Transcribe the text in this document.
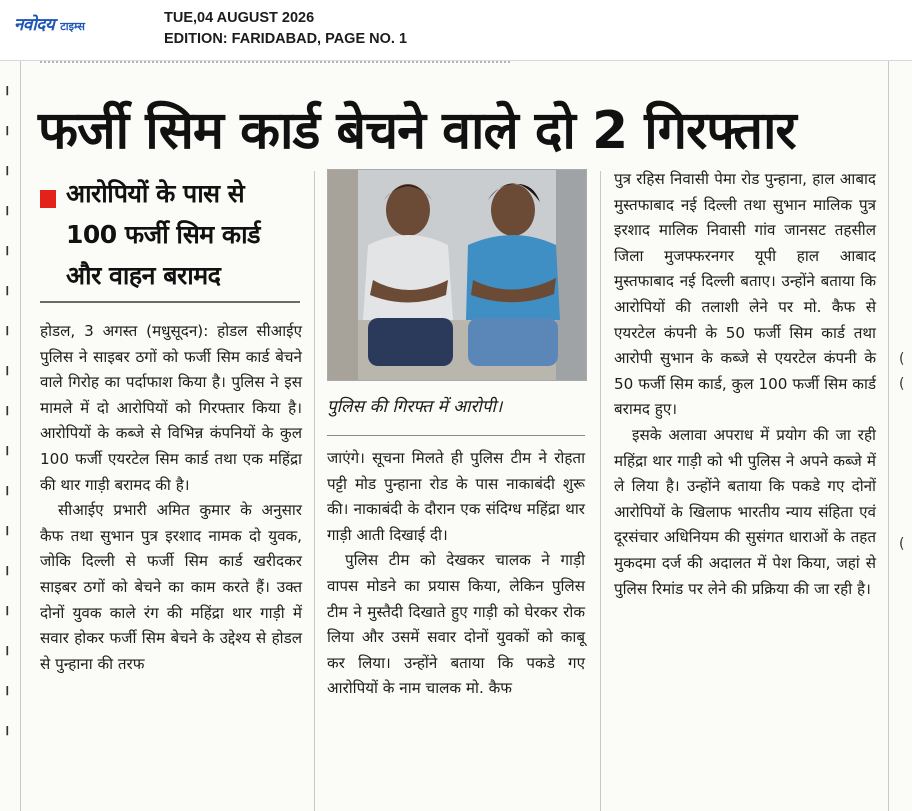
नवोदय टाइम्स
TUE,04 AUGUST 2026
EDITION: FARIDABAD, PAGE NO. 1
।
।
।
।
।
।
।
।
।
।
।
।
।
।
।
।
।
(
(
(
फर्जी सिम कार्ड बेचने वाले दो 2 गिरफ्तार
आरोपियों के पास से 100 फर्जी सिम कार्ड और वाहन बरामद

होडल, 3 अगस्त (मधुसूदन): होडल सीआईए पुलिस ने साइबर ठगों को फर्जी सिम कार्ड बेचने वाले गिरोह का पर्दाफाश किया है। पुलिस ने इस मामले में दो आरोपियों को गिरफ्तार किया है। आरोपियों के कब्जे से विभिन्न कंपनियों के कुल 100 फर्जी एयरटेल सिम कार्ड तथा एक महिंद्रा की थार गाड़ी बरामद की है।

सीआईए प्रभारी अमित कुमार के अनुसार कैफ तथा सुभान पुत्र इरशाद नामक दो युवक, जोकि दिल्ली से फर्जी सिम कार्ड खरीदकर साइबर ठगों को बेचने का काम करते हैं। उक्त दोनों युवक काले रंग की महिंद्रा थार गाड़ी में सवार होकर फर्जी सिम बेचने के उद्देश्य से होडल से पुन्हाना की तरफ

पुलिस की गिरफ्त में आरोपी।

जाएंगे। सूचना मिलते ही पुलिस टीम ने रोहता पट्टी मोड पुन्हाना रोड के पास नाकाबंदी शुरू की। नाकाबंदी के दौरान एक संदिग्ध महिंद्रा थार गाड़ी आती दिखाई दी।

पुलिस टीम को देखकर चालक ने गाड़ी वापस मोडने का प्रयास किया, लेकिन पुलिस टीम ने मुस्तैदी दिखाते हुए गाड़ी को घेरकर रोक लिया और उसमें सवार दोनों युवकों को काबू कर लिया। उन्होंने बताया कि पकडे गए आरोपियों के नाम चालक मो. कैफ

पुत्र रहिस निवासी पेमा रोड पुन्हाना, हाल आबाद मुस्तफाबाद नई दिल्ली तथा सुभान मालिक पुत्र इरशाद मालिक निवासी गांव जानसट तहसील जिला मुजफ्फरनगर यूपी हाल आबाद मुस्तफाबाद नई दिल्ली बताए। उन्होंने बताया कि आरोपियों की तलाशी लेने पर मो. कैफ से एयरटेल कंपनी के 50 फर्जी सिम कार्ड तथा आरोपी सुभान के कब्जे से एयरटेल कंपनी के 50 फर्जी सिम कार्ड, कुल 100 फर्जी सिम कार्ड बरामद हुए।

इसके अलावा अपराध में प्रयोग की जा रही महिंद्रा थार गाड़ी को भी पुलिस ने अपने कब्जे में ले लिया है। उन्होंने बताया कि पकडे गए दोनों आरोपियों के खिलाफ भारतीय न्याय संहिता एवं दूरसंचार अधिनियम की सुसंगत धाराओं के तहत मुकदमा दर्ज की अदालत में पेश किया, जहां से पुलिस रिमांड पर लेने की प्रक्रिया की जा रही है।
